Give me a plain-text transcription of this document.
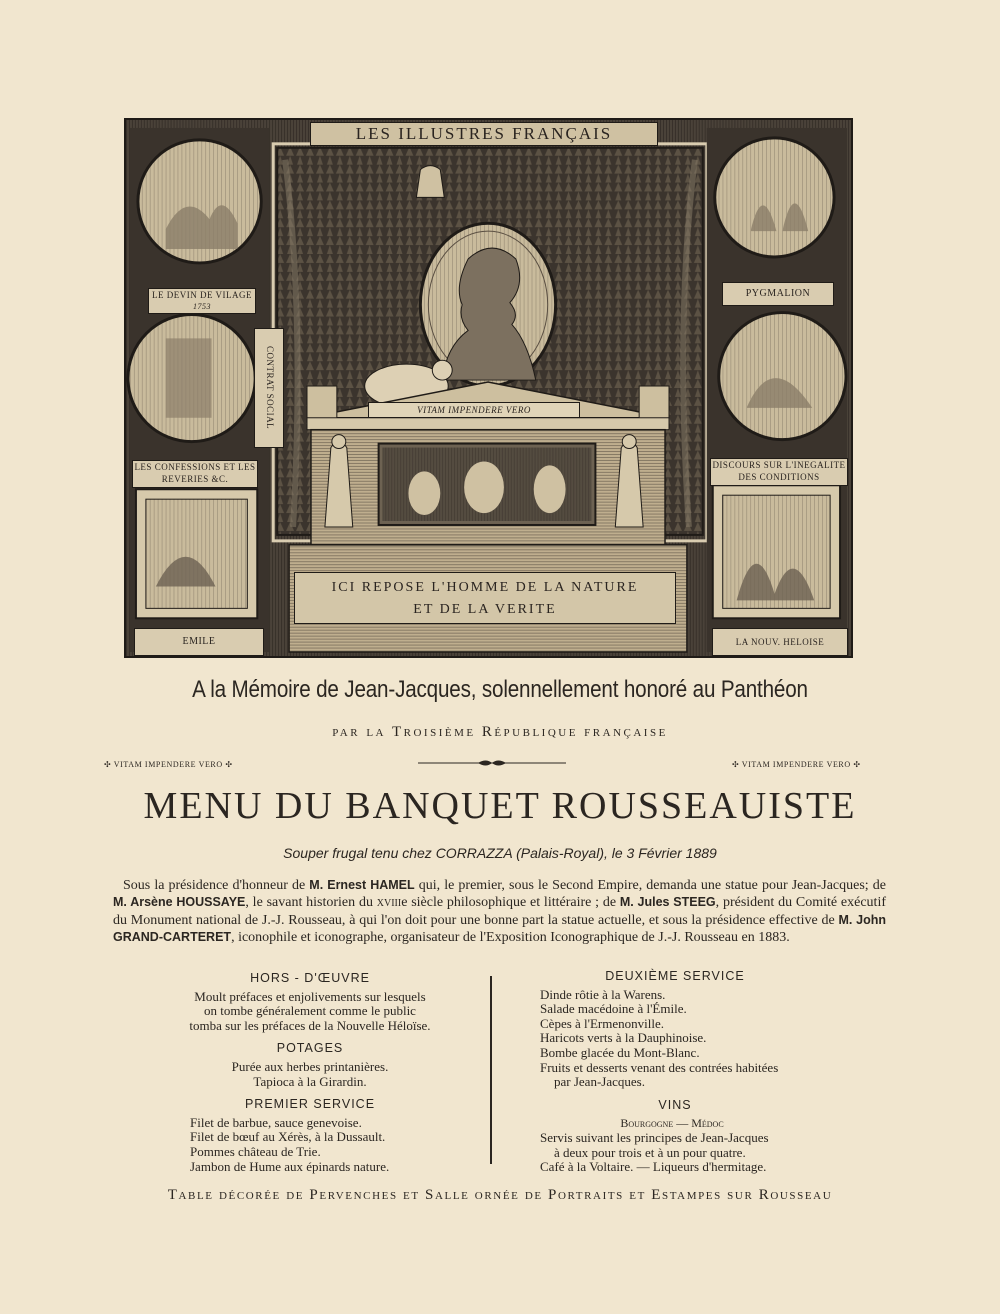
LES ILLUSTRES FRANÇAIS
LE DEVIN DE VILAGE
1753
CONTRAT SOCIAL
LES CONFESSIONS ET LES REVERIES &C.
EMILE
PYGMALION
DISCOURS SUR L'INEGALITE DES CONDITIONS
LA NOUV. HELOISE
VITAM IMPENDERE VERO
ICI REPOSE L'HOMME DE LA NATURE
ET DE LA VERITE
A la Mémoire de Jean-Jacques, solennellement honoré au Panthéon
par la Troisième République française
✣ VITAM IMPENDERE VERO ✣	✣ VITAM IMPENDERE VERO ✣
MENU DU BANQUET ROUSSEAUISTE
Souper frugal tenu chez CORRAZZA (Palais-Royal), le 3 Février 1889
Sous la présidence d'honneur de M. Ernest HAMEL qui, le premier, sous le Second Empire, demanda une statue pour Jean-Jacques; de M. Arsène HOUSSAYE, le savant historien du xviiie siècle philosophique et littéraire ; de M. Jules STEEG, président du Comité exécutif du Monument national de J.-J. Rousseau, à qui l'on doit pour une bonne part la statue actuelle, et sous la présidence effective de M. John GRAND-CARTERET, iconophile et iconographe, organisateur de l'Exposition Iconographique de J.-J. Rousseau en 1883.
HORS - D'ŒUVRE
Moult préfaces et enjolivements sur lesquels
on tombe généralement comme le public
tomba sur les préfaces de la Nouvelle Héloïse.
POTAGES
Purée aux herbes printanières.
Tapioca à la Girardin.
PREMIER SERVICE
Filet de barbue, sauce genevoise.
Filet de bœuf au Xérès, à la Dussault.
Pommes château de Trie.
Jambon de Hume aux épinards nature.
DEUXIÈME SERVICE
Dinde rôtie à la Warens.
Salade macédoine à l'Émile.
Cèpes à l'Ermenonville.
Haricots verts à la Dauphinoise.
Bombe glacée du Mont-Blanc.
Fruits et desserts venant des contrées habitées
par Jean-Jacques.
VINS
Bourgogne — Médoc
Servis suivant les principes de Jean-Jacques
à deux pour trois et à un pour quatre.
Café à la Voltaire. — Liqueurs d'hermitage.
Table décorée de Pervenches et Salle ornée de Portraits et Estampes sur Rousseau
